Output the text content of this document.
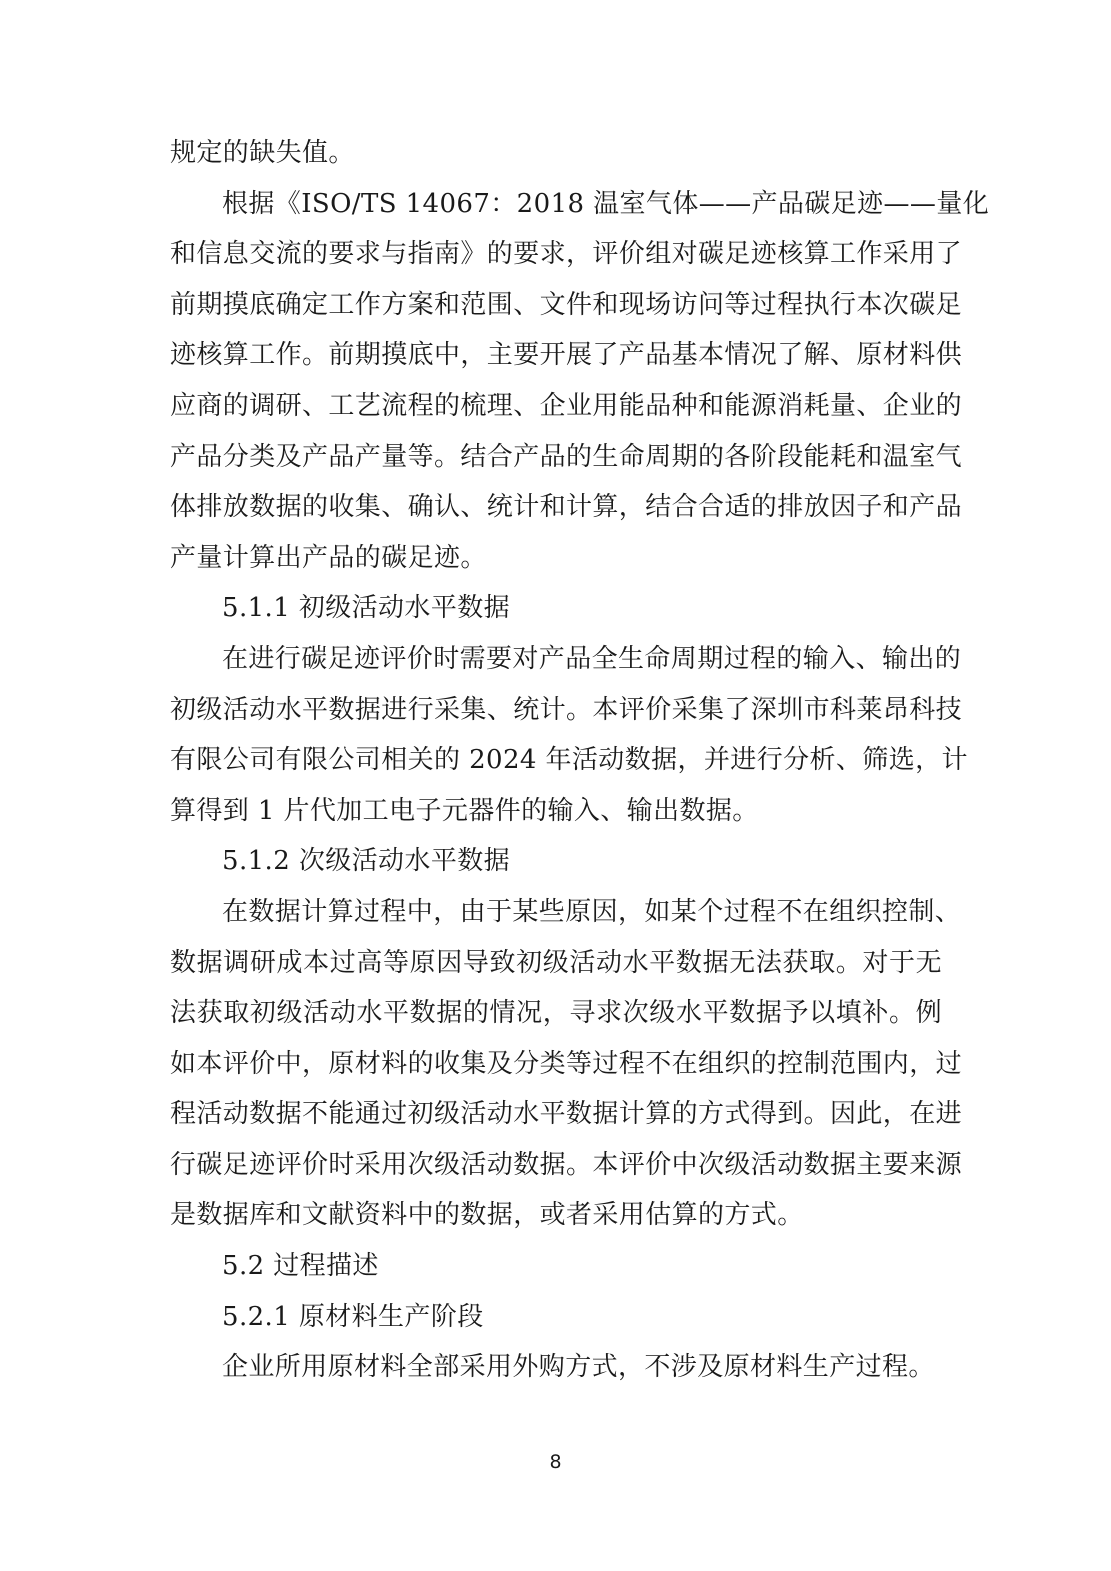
规定的缺失值。
根据《ISO/TS 14067：2018 温室气体——产品碳足迹——量化
和信息交流的要求与指南》的要求，评价组对碳足迹核算工作采用了
前期摸底确定工作方案和范围、文件和现场访问等过程执行本次碳足
迹核算工作。前期摸底中，主要开展了产品基本情况了解、原材料供
应商的调研、工艺流程的梳理、企业用能品种和能源消耗量、企业的
产品分类及产品产量等。结合产品的生命周期的各阶段能耗和温室气
体排放数据的收集、确认、统计和计算，结合合适的排放因子和产品
产量计算出产品的碳足迹。
5.1.1 初级活动水平数据
在进行碳足迹评价时需要对产品全生命周期过程的输入、输出的
初级活动水平数据进行采集、统计。本评价采集了深圳市科莱昂科技
有限公司有限公司相关的 2024 年活动数据，并进行分析、筛选，计
算得到 1 片代加工电子元器件的输入、输出数据。
5.1.2 次级活动水平数据
在数据计算过程中，由于某些原因，如某个过程不在组织控制、
数据调研成本过高等原因导致初级活动水平数据无法获取。对于无
法获取初级活动水平数据的情况，寻求次级水平数据予以填补。例
如本评价中，原材料的收集及分类等过程不在组织的控制范围内，过
程活动数据不能通过初级活动水平数据计算的方式得到。因此，在进
行碳足迹评价时采用次级活动数据。本评价中次级活动数据主要来源
是数据库和文献资料中的数据，或者采用估算的方式。
5.2 过程描述
5.2.1 原材料生产阶段
企业所用原材料全部采用外购方式，不涉及原材料生产过程。
8
